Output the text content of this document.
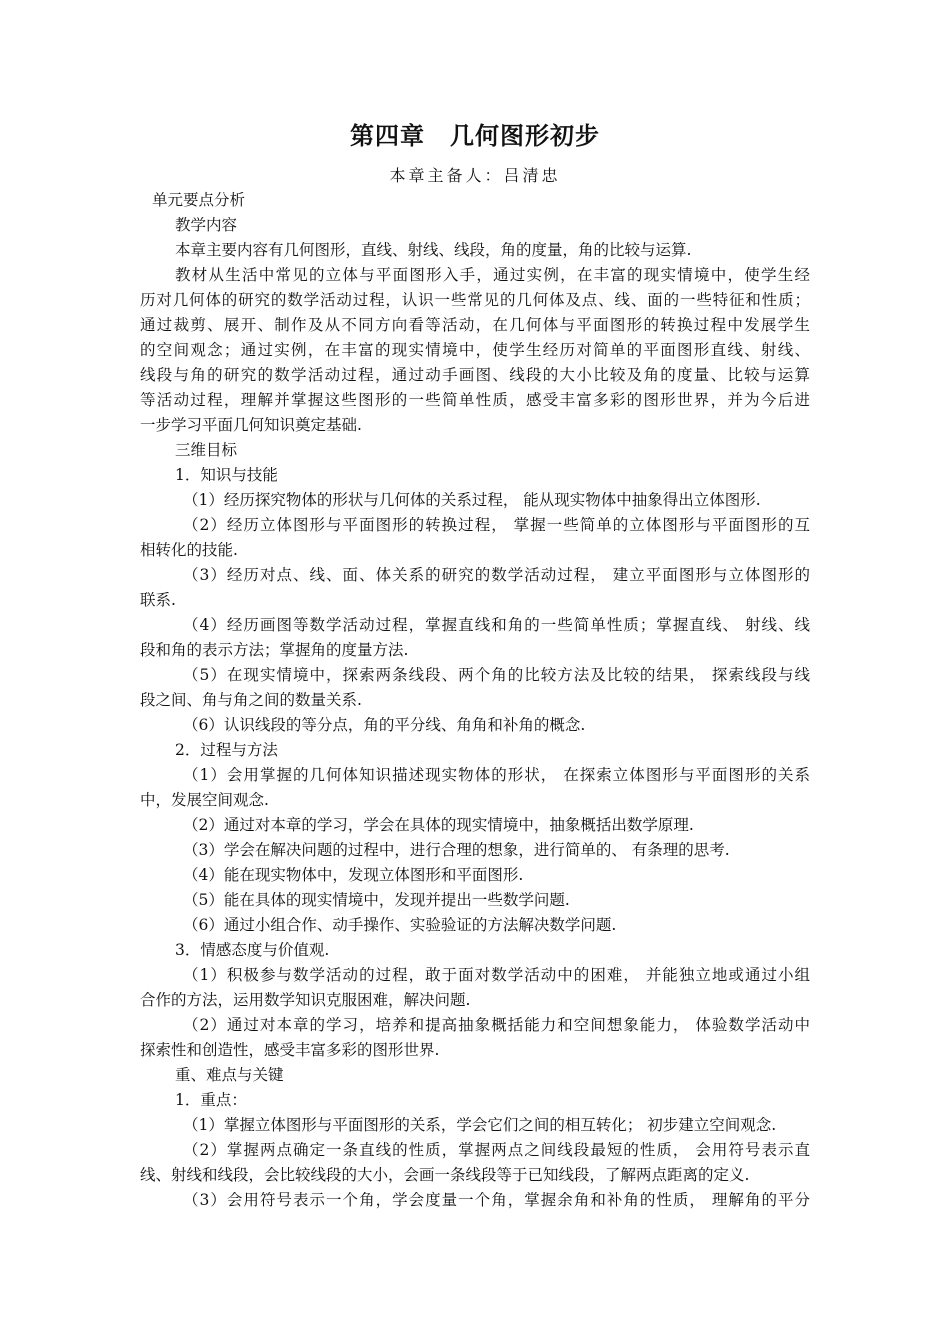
第四章　几何图形初步
本章主备人：吕清忠
单元要点分析
教学内容
本章主要内容有几何图形，直线、射线、线段，角的度量，角的比较与运算.
教材从生活中常见的立体与平面图形入手，通过实例，在丰富的现实情境中，使学生经
历对几何体的研究的数学活动过程，认识一些常见的几何体及点、线、面的一些特征和性质；
通过裁剪、展开、制作及从不同方向看等活动，在几何体与平面图形的转换过程中发展学生
的空间观念；通过实例，在丰富的现实情境中，使学生经历对简单的平面图形直线、射线、
线段与角的研究的数学活动过程，通过动手画图、线段的大小比较及角的度量、比较与运算
等活动过程，理解并掌握这些图形的一些简单性质，感受丰富多彩的图形世界，并为今后进
一步学习平面几何知识奠定基础.
三维目标
1．知识与技能
（1）经历探究物体的形状与几何体的关系过程， 能从现实物体中抽象得出立体图形.
（2）经历立体图形与平面图形的转换过程， 掌握一些简单的立体图形与平面图形的互
相转化的技能.
（3）经历对点、线、面、体关系的研究的数学活动过程， 建立平面图形与立体图形的
联系.
（4）经历画图等数学活动过程，掌握直线和角的一些简单性质；掌握直线、 射线、线
段和角的表示方法；掌握角的度量方法.
（5）在现实情境中，探索两条线段、两个角的比较方法及比较的结果， 探索线段与线
段之间、角与角之间的数量关系.
（6）认识线段的等分点，角的平分线、角角和补角的概念.
2．过程与方法
（1）会用掌握的几何体知识描述现实物体的形状， 在探索立体图形与平面图形的关系
中，发展空间观念.
（2）通过对本章的学习，学会在具体的现实情境中，抽象概括出数学原理.
（3）学会在解决问题的过程中，进行合理的想象，进行简单的、 有条理的思考.
（4）能在现实物体中，发现立体图形和平面图形.
（5）能在具体的现实情境中，发现并提出一些数学问题.
（6）通过小组合作、动手操作、实验验证的方法解决数学问题.
3．情感态度与价值观.
（1）积极参与数学活动的过程，敢于面对数学活动中的困难， 并能独立地或通过小组
合作的方法，运用数学知识克服困难，解决问题.
（2）通过对本章的学习，培养和提高抽象概括能力和空间想象能力， 体验数学活动中
探索性和创造性，感受丰富多彩的图形世界.
重、难点与关键
1．重点：
（1）掌握立体图形与平面图形的关系，学会它们之间的相互转化； 初步建立空间观念.
（2）掌握两点确定一条直线的性质，掌握两点之间线段最短的性质， 会用符号表示直
线、射线和线段，会比较线段的大小，会画一条线段等于已知线段，了解两点距离的定义.
（3）会用符号表示一个角，学会度量一个角，掌握余角和补角的性质， 理解角的平分
